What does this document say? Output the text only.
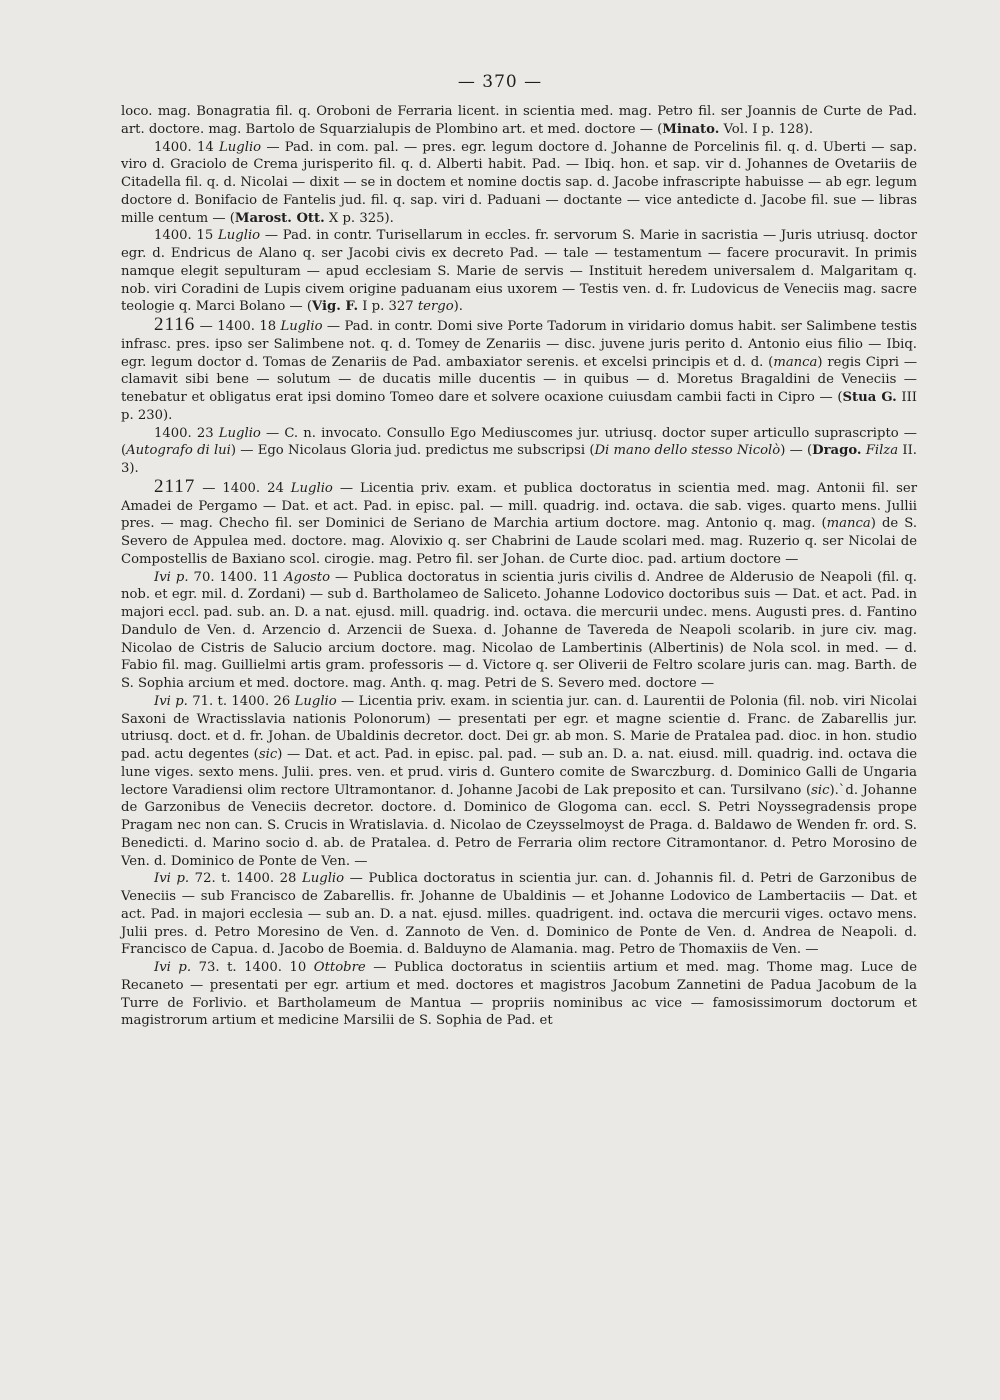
— 370 —

loco. mag. Bonagratia fil. q. Oroboni de Ferraria licent. in scientia med. mag. Petro fil. ser Joannis de Curte de Pad. art. doctore. mag. Bartolo de Squarzialupis de Plombino art. et med. doctore — (Minato. Vol. I p. 128).

1400. 14 Luglio — Pad. in com. pal. — pres. egr. legum doctore d. Johanne de Porcelinis fil. q. d. Uberti — sap. viro d. Graciolo de Crema jurisperito fil. q. d. Alberti habit. Pad. — Ibiq. hon. et sap. vir d. Johannes de Ovetariis de Citadella fil. q. d. Nicolai — dixit — se in doctem et nomine doctis sap. d. Jacobe infrascripte habuisse — ab egr. legum doctore d. Bonifacio de Fantelis jud. fil. q. sap. viri d. Paduani — doctante — vice antedicte d. Jacobe fil. sue — libras mille centum — (Marost. Ott. X p. 325).

1400. 15 Luglio — Pad. in contr. Turisellarum in eccles. fr. servorum S. Marie in sacristia — Juris utriusq. doctor egr. d. Endricus de Alano q. ser Jacobi civis ex decreto Pad. — tale — testamentum — facere procuravit. In primis namque elegit sepulturam — apud ecclesiam S. Marie de servis — Instituit heredem universalem d. Malgaritam q. nob. viri Coradini de Lupis civem origine paduanam eius uxorem — Testis ven. d. fr. Ludovicus de Veneciis mag. sacre teologie q. Marci Bolano — (Vig. F. I p. 327 tergo).

2116 — 1400. 18 Luglio — Pad. in contr. Domi sive Porte Tadorum in viridario domus habit. ser Salimbene testis infrasc. pres. ipso ser Salimbene not. q. d. Tomey de Zenariis — disc. juvene juris perito d. Antonio eius filio — Ibiq. egr. legum doctor d. Tomas de Zenariis de Pad. ambaxiator serenis. et excelsi principis et d. d. (manca) regis Cipri — clamavit sibi bene — solutum — de ducatis mille ducentis — in quibus — d. Moretus Bragaldini de Veneciis — tenebatur et obligatus erat ipsi domino Tomeo dare et solvere ocaxione cuiusdam cambii facti in Cipro — (Stua G. III p. 230).

1400. 23 Luglio — C. n. invocato. Consullo Ego Mediuscomes jur. utriusq. doctor super articullo suprascripto — (Autografo di lui) — Ego Nicolaus Gloria jud. predictus me subscripsi (Di mano dello stesso Nicolò) — (Drago. Filza II. 3).

2117 — 1400. 24 Luglio — Licentia priv. exam. et publica doctoratus in scientia med. mag. Antonii fil. ser Amadei de Pergamo — Dat. et act. Pad. in episc. pal. — mill. quadrig. ind. octava. die sab. viges. quarto mens. Jullii pres. — mag. Checho fil. ser Dominici de Seriano de Marchia artium doctore. mag. Antonio q. mag. (manca) de S. Severo de Appulea med. doctore. mag. Alovixio q. ser Chabrini de Laude scolari med. mag. Ruzerio q. ser Nicolai de Compostellis de Baxiano scol. cirogie. mag. Petro fil. ser Johan. de Curte dioc. pad. artium doctore —

Ivi p. 70. 1400. 11 Agosto — Publica doctoratus in scientia juris civilis d. Andree de Alderusio de Neapoli (fil. q. nob. et egr. mil. d. Zordani) — sub d. Bartholameo de Saliceto. Johanne Lodovico doctoribus suis — Dat. et act. Pad. in majori eccl. pad. sub. an. D. a nat. ejusd. mill. quadrig. ind. octava. die mercurii undec. mens. Augusti pres. d. Fantino Dandulo de Ven. d. Arzencio d. Arzencii de Suexa. d. Johanne de Tavereda de Neapoli scolarib. in jure civ. mag. Nicolao de Cistris de Salucio arcium doctore. mag. Nicolao de Lambertinis (Albertinis) de Nola scol. in med. — d. Fabio fil. mag. Guillielmi artis gram. professoris — d. Victore q. ser Oliverii de Feltro scolare juris can. mag. Barth. de S. Sophia arcium et med. doctore. mag. Anth. q. mag. Petri de S. Severo med. doctore —

Ivi p. 71. t. 1400. 26 Luglio — Licentia priv. exam. in scientia jur. can. d. Laurentii de Polonia (fil. nob. viri Nicolai Saxoni de Wractisslavia nationis Polonorum) — presentati per egr. et magne scientie d. Franc. de Zabarellis jur. utriusq. doct. et d. fr. Johan. de Ubaldinis decretor. doct. Dei gr. ab mon. S. Marie de Pratalea pad. dioc. in hon. studio pad. actu degentes (sic) — Dat. et act. Pad. in episc. pal. pad. — sub an. D. a. nat. eiusd. mill. quadrig. ind. octava die lune viges. sexto mens. Julii. pres. ven. et prud. viris d. Guntero comite de Swarczburg. d. Dominico Galli de Ungaria lectore Varadiensi olim rectore Ultramontanor. d. Johanne Jacobi de Lak preposito et can. Tursilvano (sic).`d. Johanne de Garzonibus de Veneciis decretor. doctore. d. Dominico de Glogoma can. eccl. S. Petri Noyssegradensis prope Pragam nec non can. S. Crucis in Wratislavia. d. Nicolao de Czeysselmoyst de Praga. d. Baldawo de Wenden fr. ord. S. Benedicti. d. Marino socio d. ab. de Pratalea. d. Petro de Ferraria olim rectore Citramontanor. d. Petro Morosino de Ven. d. Dominico de Ponte de Ven. —

Ivi p. 72. t. 1400. 28 Luglio — Publica doctoratus in scientia jur. can. d. Johannis fil. d. Petri de Garzonibus de Veneciis — sub Francisco de Zabarellis. fr. Johanne de Ubaldinis — et Johanne Lodovico de Lambertaciis — Dat. et act. Pad. in majori ecclesia — sub an. D. a nat. ejusd. milles. quadrigent. ind. octava die mercurii viges. octavo mens. Julii pres. d. Petro Moresino de Ven. d. Zannoto de Ven. d. Dominico de Ponte de Ven. d. Andrea de Neapoli. d. Francisco de Capua. d. Jacobo de Boemia. d. Balduyno de Alamania. mag. Petro de Thomaxiis de Ven. —

Ivi p. 73. t. 1400. 10 Ottobre — Publica doctoratus in scientiis artium et med. mag. Thome mag. Luce de Recaneto — presentati per egr. artium et med. doctores et magistros Jacobum Zannetini de Padua Jacobum de la Turre de Forlivio. et Bartholameum de Mantua — propriis nominibus ac vice — famosissimorum doctorum et magistrorum artium et medicine Marsilii de S. Sophia de Pad. et
